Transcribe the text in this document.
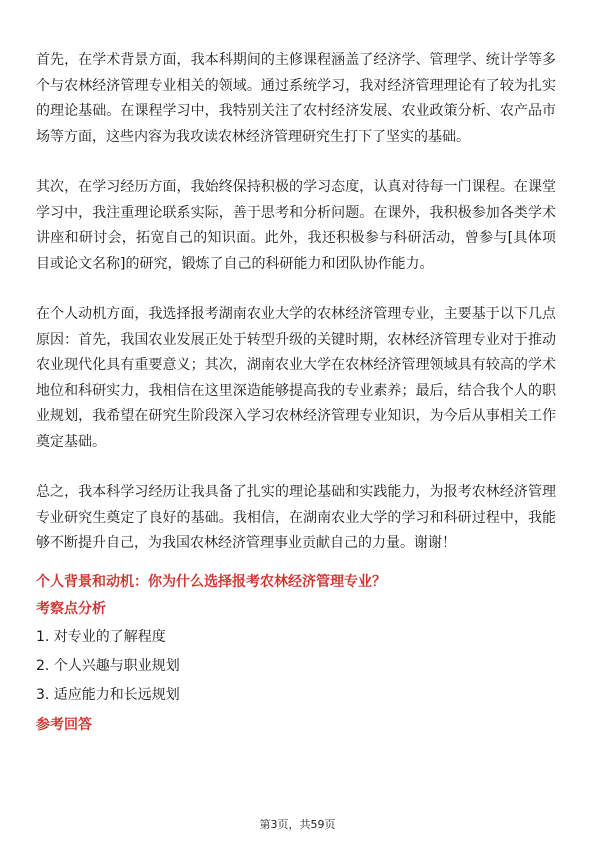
首先，在学术背景方面，我本科期间的主修课程涵盖了经济学、管理学、统计学等多个与农林经济管理专业相关的领域。通过系统学习，我对经济管理理论有了较为扎实的理论基础。在课程学习中，我特别关注了农村经济发展、农业政策分析、农产品市场等方面，这些内容为我攻读农林经济管理研究生打下了坚实的基础。

其次，在学习经历方面，我始终保持积极的学习态度，认真对待每一门课程。在课堂学习中，我注重理论联系实际，善于思考和分析问题。在课外，我积极参加各类学术讲座和研讨会，拓宽自己的知识面。此外，我还积极参与科研活动，曾参与[具体项目或论文名称]的研究，锻炼了自己的科研能力和团队协作能力。

在个人动机方面，我选择报考湖南农业大学的农林经济管理专业，主要基于以下几点原因：首先，我国农业发展正处于转型升级的关键时期，农林经济管理专业对于推动农业现代化具有重要意义；其次，湖南农业大学在农林经济管理领域具有较高的学术地位和科研实力，我相信在这里深造能够提高我的专业素养；最后，结合我个人的职业规划，我希望在研究生阶段深入学习农林经济管理专业知识，为今后从事相关工作奠定基础。

总之，我本科学习经历让我具备了扎实的理论基础和实践能力，为报考农林经济管理专业研究生奠定了良好的基础。我相信，在湖南农业大学的学习和科研过程中，我能够不断提升自己，为我国农林经济管理事业贡献自己的力量。谢谢！

个人背景和动机：你为什么选择报考农林经济管理专业？
考察点分析
1. 对专业的了解程度
2. 个人兴趣与职业规划
3. 适应能力和长远规划
参考回答
第3页，共59页
